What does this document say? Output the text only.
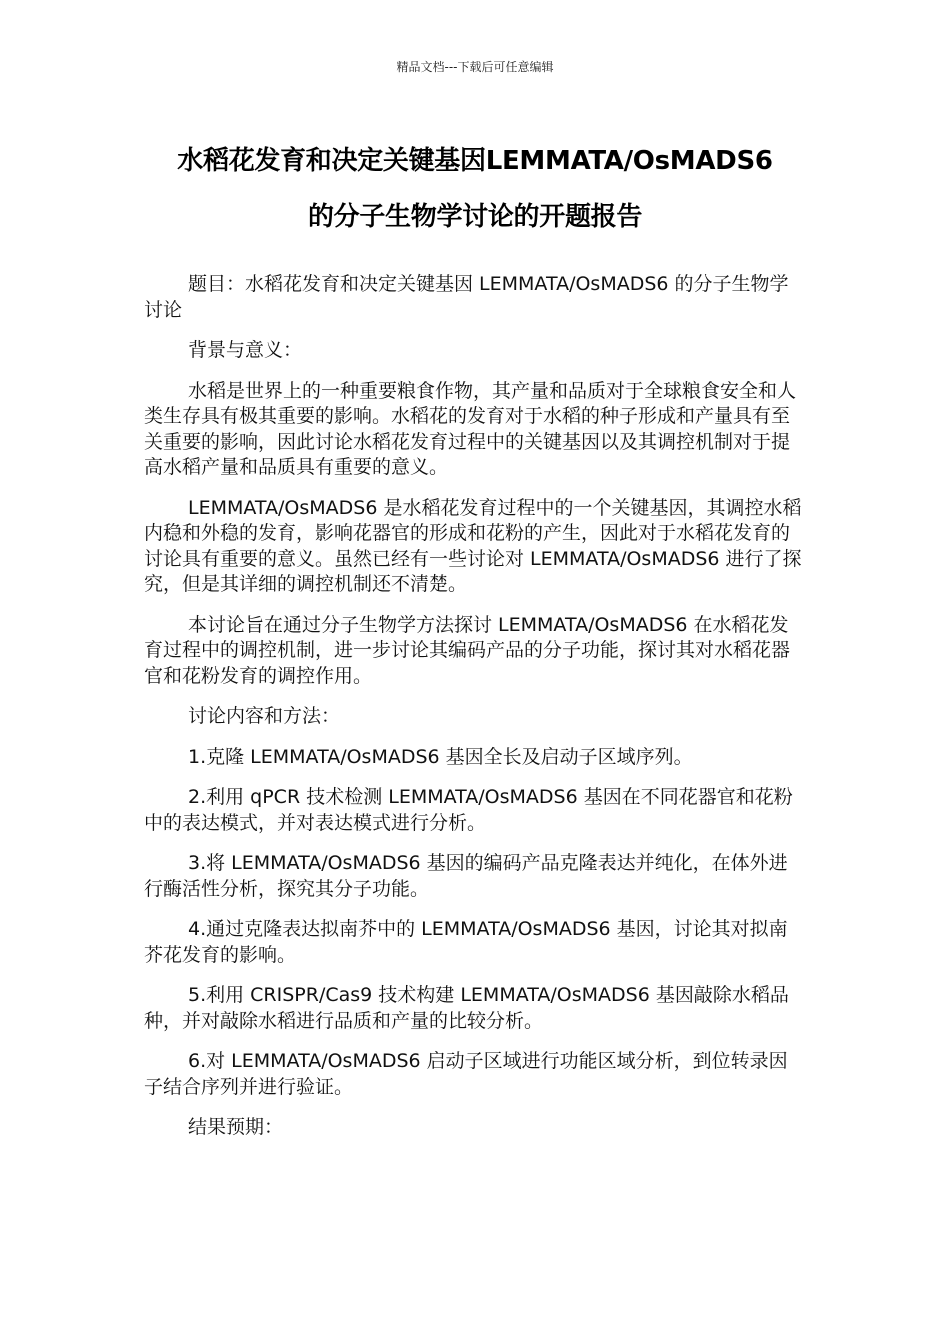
精品文档---下载后可任意编辑
水稻花发育和决定关键基因LEMMATA/OsMADS6
的分子生物学讨论的开题报告

题目：水稻花发育和决定关键基因 LEMMATA/OsMADS6 的分子生物学讨论

背景与意义：

水稻是世界上的一种重要粮食作物，其产量和品质对于全球粮食安全和人类生存具有极其重要的影响。水稻花的发育对于水稻的种子形成和产量具有至关重要的影响，因此讨论水稻花发育过程中的关键基因以及其调控机制对于提高水稻产量和品质具有重要的意义。

LEMMATA/OsMADS6 是水稻花发育过程中的一个关键基因，其调控水稻内稳和外稳的发育，影响花器官的形成和花粉的产生，因此对于水稻花发育的讨论具有重要的意义。虽然已经有一些讨论对 LEMMATA/OsMADS6 进行了探究，但是其详细的调控机制还不清楚。

本讨论旨在通过分子生物学方法探讨 LEMMATA/OsMADS6 在水稻花发育过程中的调控机制，进一步讨论其编码产品的分子功能，探讨其对水稻花器官和花粉发育的调控作用。

讨论内容和方法：

1.克隆 LEMMATA/OsMADS6 基因全长及启动子区域序列。

2.利用 qPCR 技术检测 LEMMATA/OsMADS6 基因在不同花器官和花粉中的表达模式，并对表达模式进行分析。

3.将 LEMMATA/OsMADS6 基因的编码产品克隆表达并纯化，在体外进行酶活性分析，探究其分子功能。

4.通过克隆表达拟南芥中的 LEMMATA/OsMADS6 基因，讨论其对拟南芥花发育的影响。

5.利用 CRISPR/Cas9 技术构建 LEMMATA/OsMADS6 基因敲除水稻品种，并对敲除水稻进行品质和产量的比较分析。

6.对 LEMMATA/OsMADS6 启动子区域进行功能区域分析，到位转录因子结合序列并进行验证。

结果预期：
